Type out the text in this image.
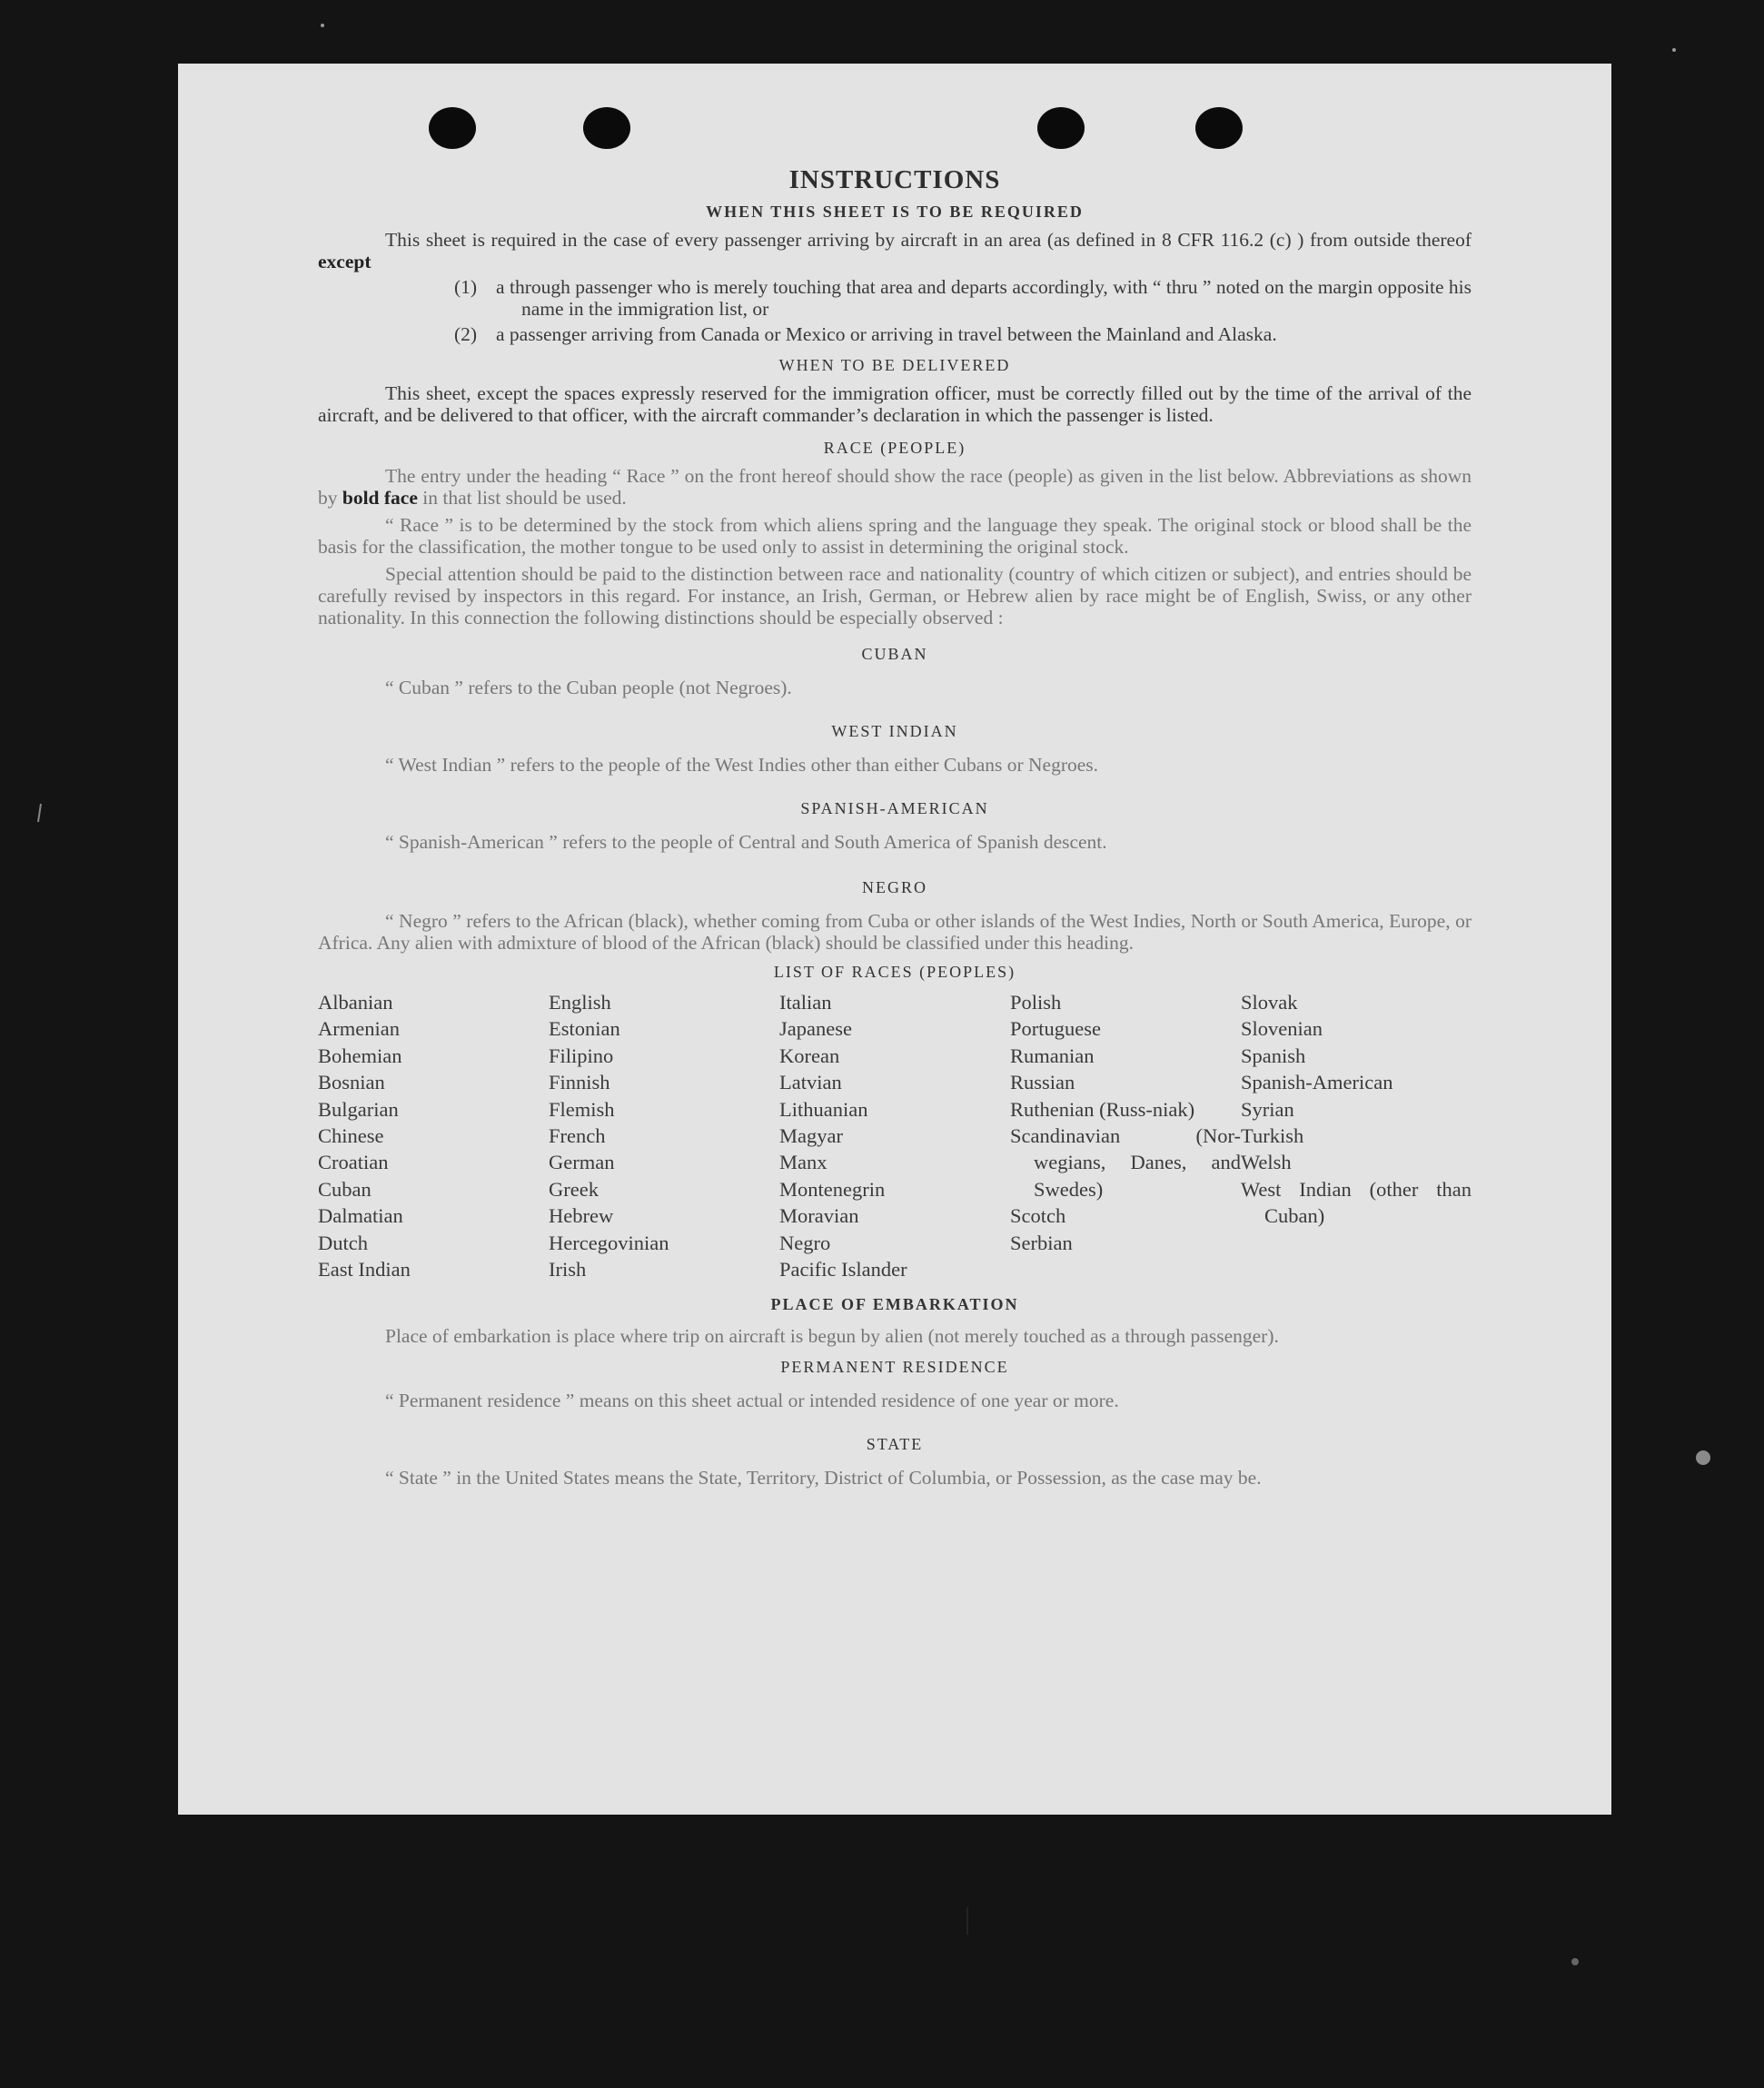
INSTRUCTIONS
WHEN THIS SHEET IS TO BE REQUIRED

This sheet is required in the case of every passenger arriving by aircraft in an area (as defined in 8 CFR 116.2 (c) ) from outside thereof except

(1) a through passenger who is merely touching that area and departs accordingly, with “ thru ” noted on the margin opposite his name in the immigration list, or
(2) a passenger arriving from Canada or Mexico or arriving in travel between the Mainland and Alaska.
WHEN TO BE DELIVERED

This sheet, except the spaces expressly reserved for the immigration officer, must be correctly filled out by the time of the arrival of the aircraft, and be delivered to that officer, with the aircraft commander’s declaration in which the passenger is listed.

RACE (PEOPLE)

The entry under the heading “ Race ” on the front hereof should show the race (people) as given in the list below. Abbreviations as shown by bold face in that list should be used.

“ Race ” is to be determined by the stock from which aliens spring and the language they speak. The original stock or blood shall be the basis for the classification, the mother tongue to be used only to assist in determining the original stock.

Special attention should be paid to the distinction between race and nationality (country of which citizen or subject), and entries should be carefully revised by inspectors in this regard. For instance, an Irish, German, or Hebrew alien by race might be of English, Swiss, or any other nationality. In this connection the following distinctions should be especially observed :

CUBAN

“ Cuban ” refers to the Cuban people (not Negroes).

WEST INDIAN

“ West Indian ” refers to the people of the West Indies other than either Cubans or Negroes.

SPANISH-AMERICAN

“ Spanish-American ” refers to the people of Central and South America of Spanish descent.

NEGRO

“ Negro ” refers to the African (black), whether coming from Cuba or other islands of the West Indies, North or South America, Europe, or Africa. Any alien with admixture of blood of the African (black) should be classified under this heading.

LIST OF RACES (PEOPLES)
Albanian
Armenian
Bohemian
Bosnian
Bulgarian
Chinese
Croatian
Cuban
Dalmatian
Dutch
East Indian
English
Estonian
Filipino
Finnish
Flemish
French
German
Greek
Hebrew
Hercegovinian
Irish
Italian
Japanese
Korean
Latvian
Lithuanian
Magyar
Manx
Montenegrin
Moravian
Negro
Pacific Islander
Polish
Portuguese
Rumanian
Russian
Ruthenian (Russ-niak)
Scandinavian (Nor-wegians, Danes, and Swedes)
Scotch
Serbian
Slovak
Slovenian
Spanish
Spanish-American
Syrian
Turkish
Welsh
West Indian (other than Cuban)
PLACE OF EMBARKATION

Place of embarkation is place where trip on aircraft is begun by alien (not merely touched as a through passenger).

PERMANENT RESIDENCE

“ Permanent residence ” means on this sheet actual or intended residence of one year or more.

STATE

“ State ” in the United States means the State, Territory, District of Columbia, or Possession, as the case may be.
